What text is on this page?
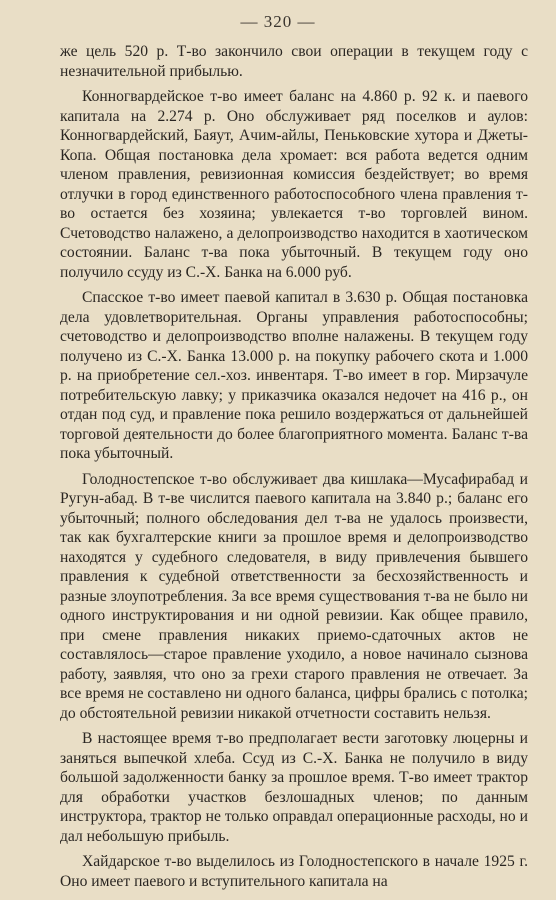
— 320 —

же цель 520 р. Т-во закончило свои операции в текущем году с незначительной прибылью.

Конногвардейское т-во имеет баланс на 4.860 р. 92 к. и паевого капитала на 2.274 р. Оно обслуживает ряд поселков и аулов: Конногвардейский, Баяут, Ачим-айлы, Пеньковские хутора и Джеты-Копа. Общая постановка дела хромает: вся работа ведется одним членом правления, ревизионная комиссия бездействует; во время отлучки в город единственного работоспособного члена правления т-во остается без хозяина; увлекается т-во торговлей вином. Счетоводство налажено, а делопроизводство находится в хаотическом состоянии. Баланс т-ва пока убыточный. В текущем году оно получило ссуду из С.-Х. Банка на 6.000 руб.

Спасское т-во имеет паевой капитал в 3.630 р. Общая постановка дела удовлетворительная. Органы управления работоспособны; счетоводство и делопроизводство вполне налажены. В текущем году получено из С.-Х. Банка 13.000 р. на покупку рабочего скота и 1.000 р. на приобретение сел.-хоз. инвентаря. Т-во имеет в гор. Мирзачуле потребительскую лавку; у приказчика оказался недочет на 416 р., он отдан под суд, и правление пока решило воздержаться от дальнейшей торговой деятельности до более благоприятного момента. Баланс т-ва пока убыточный.

Голодностепское т-во обслуживает два кишлака—Мусафирабад и Ругун-абад. В т-ве числится паевого капитала на 3.840 р.; баланс его убыточный; полного обследования дел т-ва не удалось произвести, так как бухгалтерские книги за прошлое время и делопроизводство находятся у судебного следователя, в виду привлечения бывшего правления к судебной ответственности за бесхозяйственность и разные злоупотребления. За все время существования т-ва не было ни одного инструктирования и ни одной ревизии. Как общее правило, при смене правления никаких приемо-сдаточных актов не составлялось—старое правление уходило, а новое начинало сызнова работу, заявляя, что оно за грехи старого правления не отвечает. За все время не составлено ни одного баланса, цифры брались с потолка; до обстоятельной ревизии никакой отчетности составить нельзя.

В настоящее время т-во предполагает вести заготовку люцерны и заняться выпечкой хлеба. Ссуд из С.-Х. Банка не получило в виду большой задолженности банку за прошлое время. Т-во имеет трактор для обработки участков безлошадных членов; по данным инструктора, трактор не только оправдал операционные расходы, но и дал небольшую прибыль.

Хайдарское т-во выделилось из Голодностепского в начале 1925 г. Оно имеет паевого и вступительного капитала на
